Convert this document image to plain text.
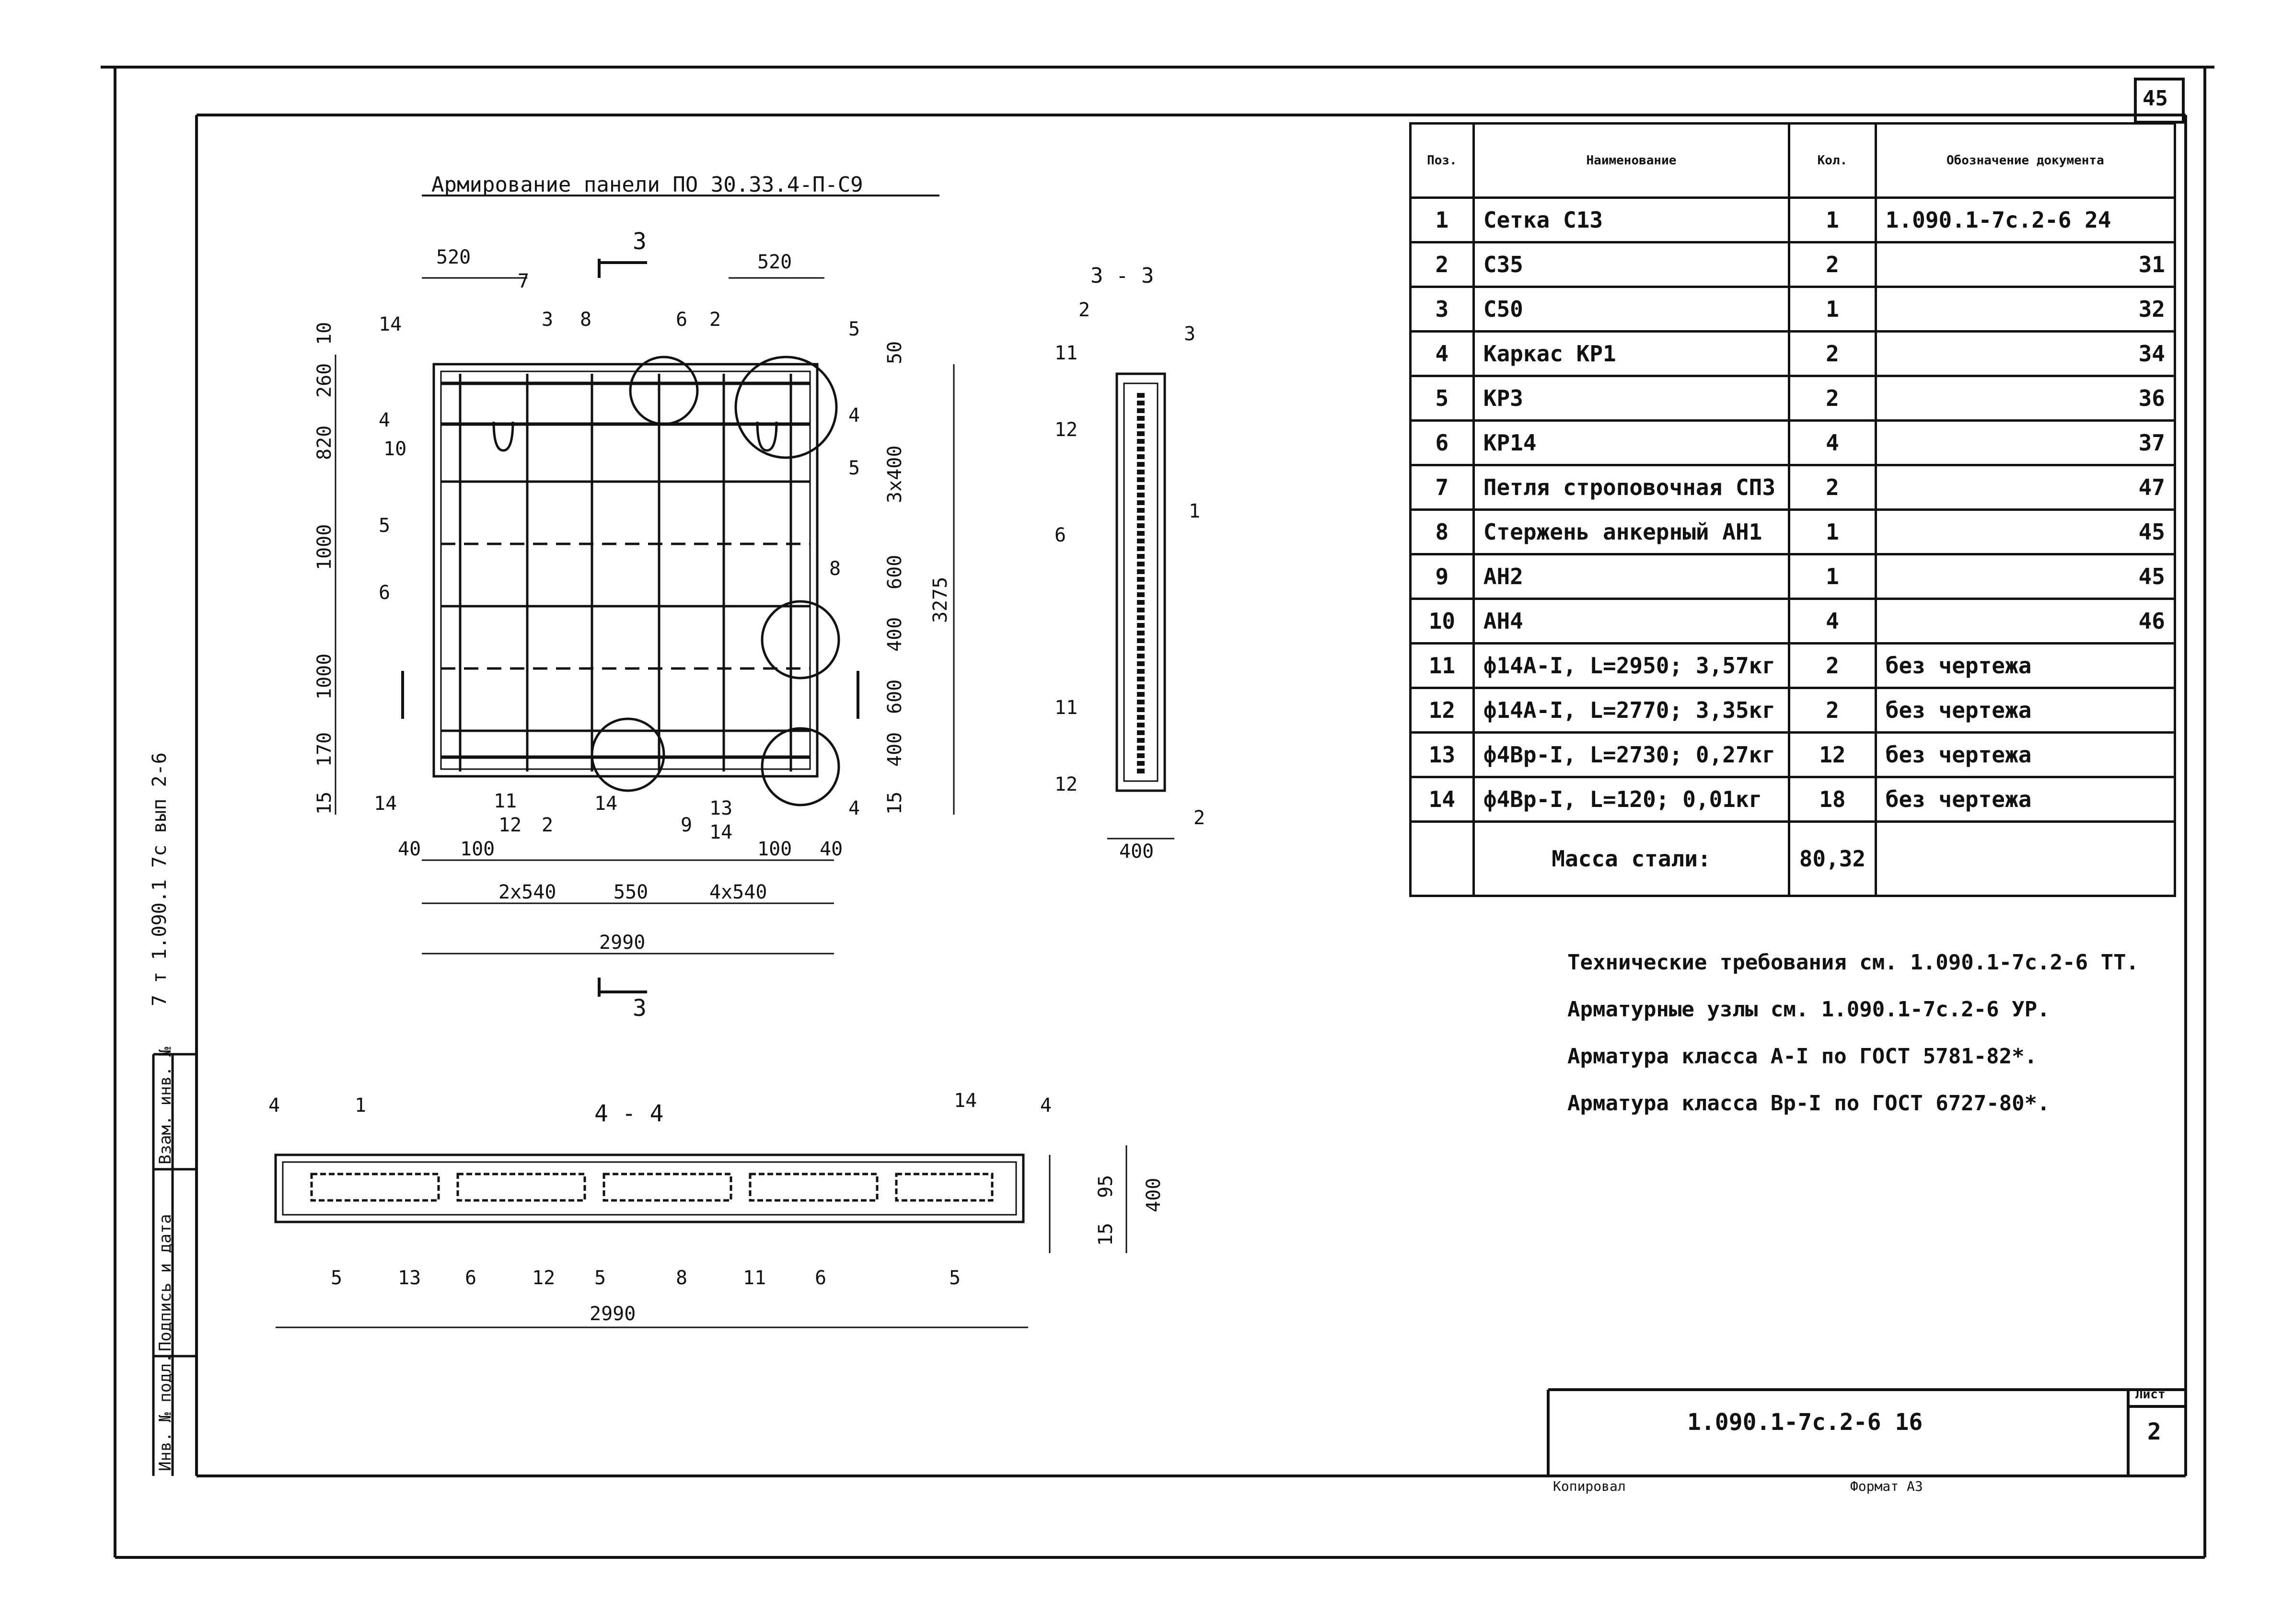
Армирование панели ПО 30.33.4-П-С9
520	520
3
3
10
260
820
1000
1000
170
15
50
3x400
600
400
600
400
15
3275
40 100	100 40
2x540	550	4x540
2990
3 - 3
400
4 - 4
95
15
400
2990
14
7
3 8	6 2	5
4
10
5
6
4
5
8
14	11
12 2
14
9
13
14
4
2
3
11
12
6
1
11
12
2
4	1	14	4
5	13 6	12 5	8	11	6	5
45
Поз.	Наименование	Кол.	Обозначение документа
1	Сетка С13	1	1.090.1-7с.2-6 24
2	С35	2	31
3	С50	1	32
4	Каркас КР1	2	34
5	КР3	2	36
6	КР14	4	37
7	Петля строповочная СП3	2	47
8	Стержень анкерный АН1	1	45
9	АН2	1	45
10	АН4	4	46
11	ф14А-I, L=2950; 3,57кг	2	без чертежа
12	ф14А-I, L=2770; 3,35кг	2	без чертежа
13	ф4Вр-I, L=2730; 0,27кг	12	без чертежа
14	ф4Вр-I, L=120; 0,01кг	18	без чертежа
	Масса стали:	80,32	
Технические требования см. 1.090.1-7с.2-6 ТТ.
Арматурные узлы см. 1.090.1-7с.2-6 УР.
Арматура класса А-I по ГОСТ 5781-82*.
Арматура класса Вр-I по ГОСТ 6727-80*.
1.090.1-7с.2-6 16
Лист
2
Копировал	Формат А3
7 т 1.090.1 7с вып 2-6
Инв. № подл.
Подпись и дата
Взам. инв. №
